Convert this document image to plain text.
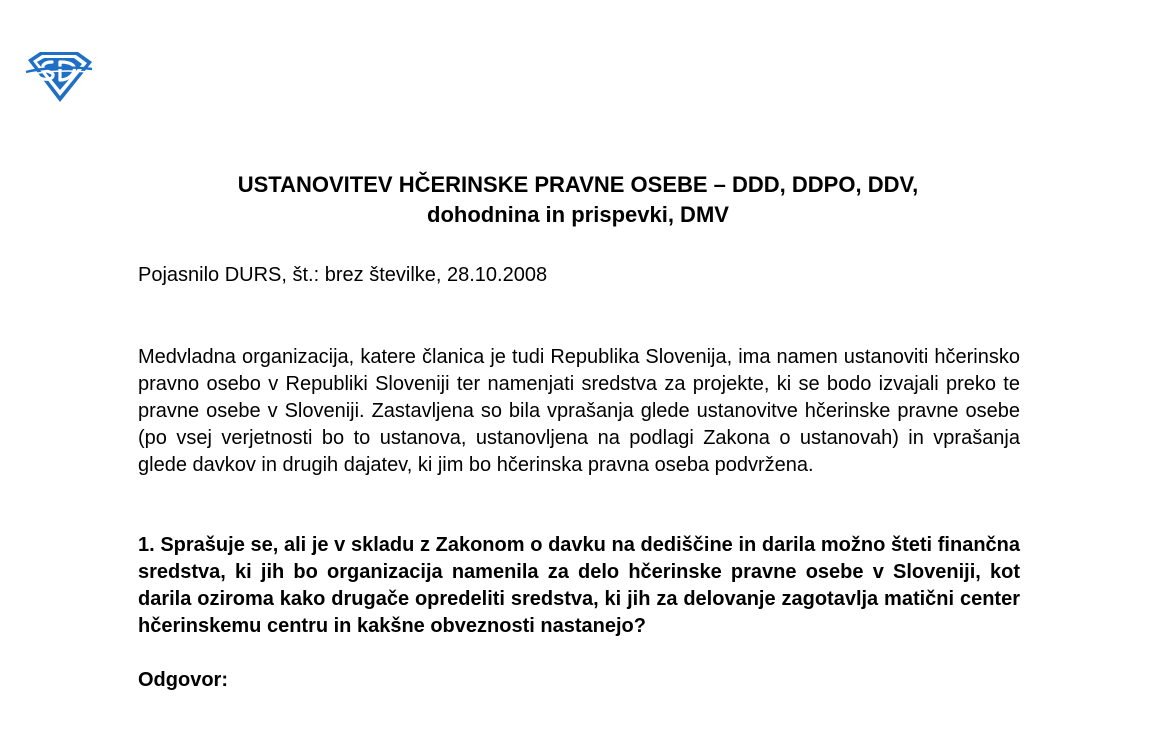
USTANOVITEV HČERINSKE PRAVNE OSEBE – DDD, DDPO, DDV,
dohodnina in prispevki, DMV

Pojasnilo DURS, št.: brez številke, 28.10.2008

Medvladna organizacija, katere članica je tudi Republika Slovenija, ima namen ustanoviti hčerinsko pravno osebo v Republiki Sloveniji ter namenjati sredstva za projekte, ki se bodo izvajali preko te pravne osebe v Sloveniji. Zastavljena so bila vprašanja glede ustanovitve hčerinske pravne osebe (po vsej verjetnosti bo to ustanova, ustanovljena na podlagi Zakona o ustanovah) in vprašanja glede davkov in drugih dajatev, ki jim bo hčerinska pravna oseba podvržena.

1. Sprašuje se, ali je v skladu z Zakonom o davku na dediščine in darila možno šteti finančna sredstva, ki jih bo organizacija namenila za delo hčerinske pravne osebe v Sloveniji, kot darila oziroma kako drugače opredeliti sredstva, ki jih za delovanje zagotavlja matični center hčerinskemu centru in kakšne obveznosti nastanejo?

Odgovor:
